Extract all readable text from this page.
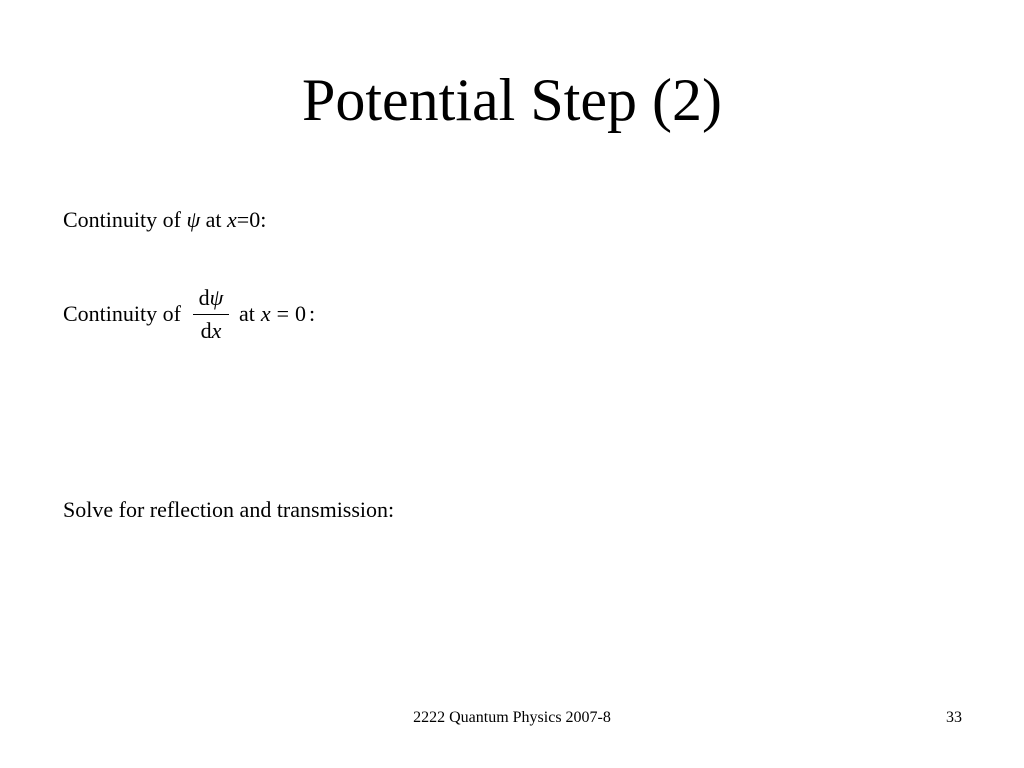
Potential Step (2)
Continuity of ψ at x=0:
Continuity of $\frac{d\psi}{dx}$ at x = 0 :
Solve for reflection and transmission:
2222 Quantum Physics 2007-8	33
